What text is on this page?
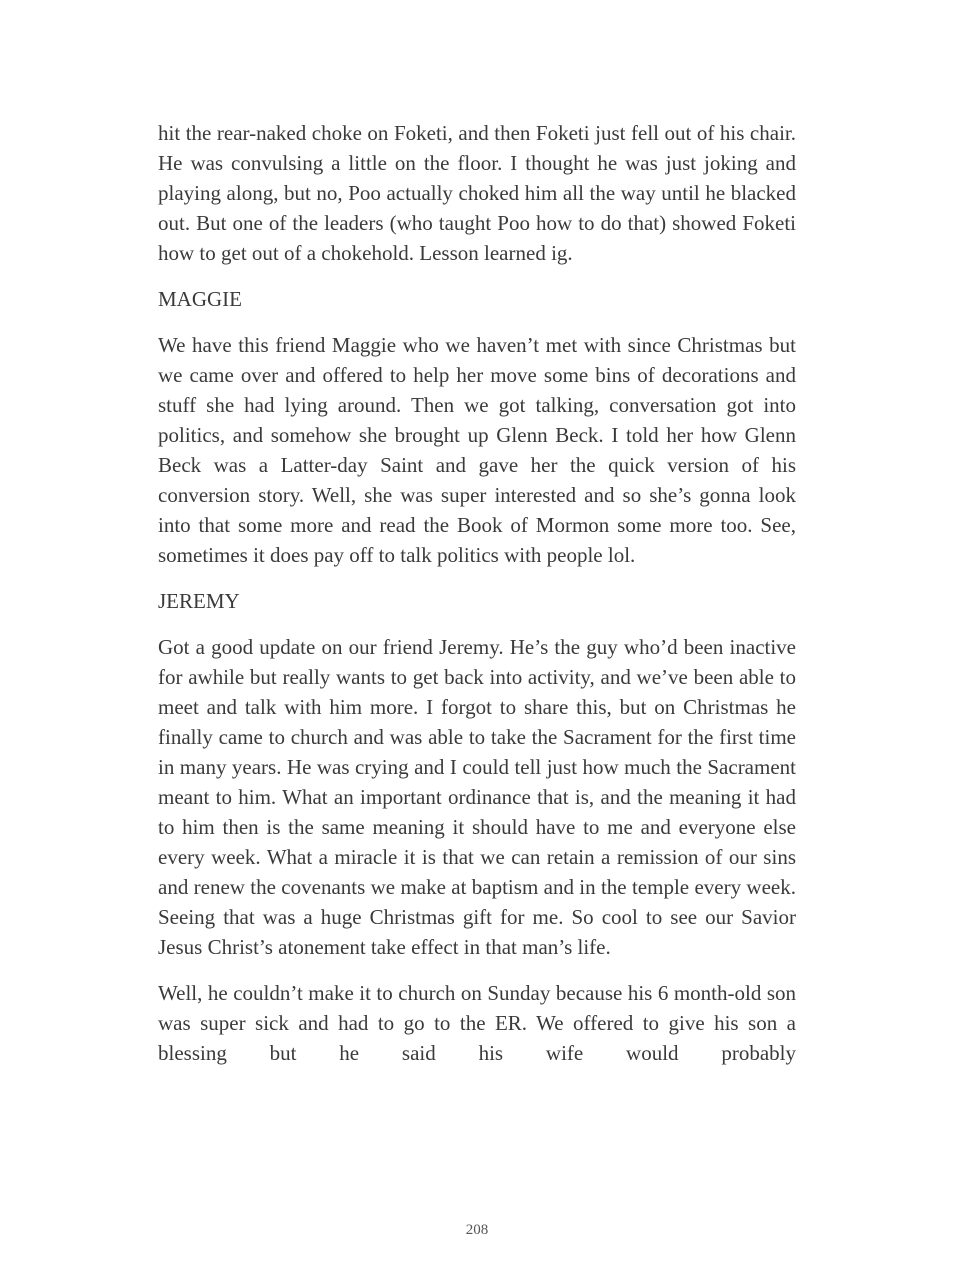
hit the rear-naked choke on Foketi, and then Foketi just fell out of his chair. He was convulsing a little on the floor. I thought he was just joking and playing along, but no, Poo actually choked him all the way until he blacked out. But one of the leaders (who taught Poo how to do that) showed Foketi how to get out of a chokehold. Lesson learned ig.

MAGGIE

We have this friend Maggie who we haven’t met with since Christmas but we came over and offered to help her move some bins of decorations and stuff she had lying around. Then we got talking, conversation got into politics, and somehow she brought up Glenn Beck. I told her how Glenn Beck was a Latter-day Saint and gave her the quick version of his conversion story. Well, she was super interested and so she’s gonna look into that some more and read the Book of Mormon some more too. See, sometimes it does pay off to talk politics with people lol.

JEREMY

Got a good update on our friend Jeremy. He’s the guy who’d been inactive for awhile but really wants to get back into activity, and we’ve been able to meet and talk with him more. I forgot to share this, but on Christmas he finally came to church and was able to take the Sacrament for the first time in many years. He was crying and I could tell just how much the Sacrament meant to him. What an important ordinance that is, and the meaning it had to him then is the same meaning it should have to me and everyone else every week. What a miracle it is that we can retain a remission of our sins and renew the covenants we make at baptism and in the temple every week. Seeing that was a huge Christmas gift for me. So cool to see our Savior Jesus Christ’s atonement take effect in that man’s life.

Well, he couldn’t make it to church on Sunday because his 6 month-old son was super sick and had to go to the ER. We offered to give his son a blessing but he said his wife would probably

208
